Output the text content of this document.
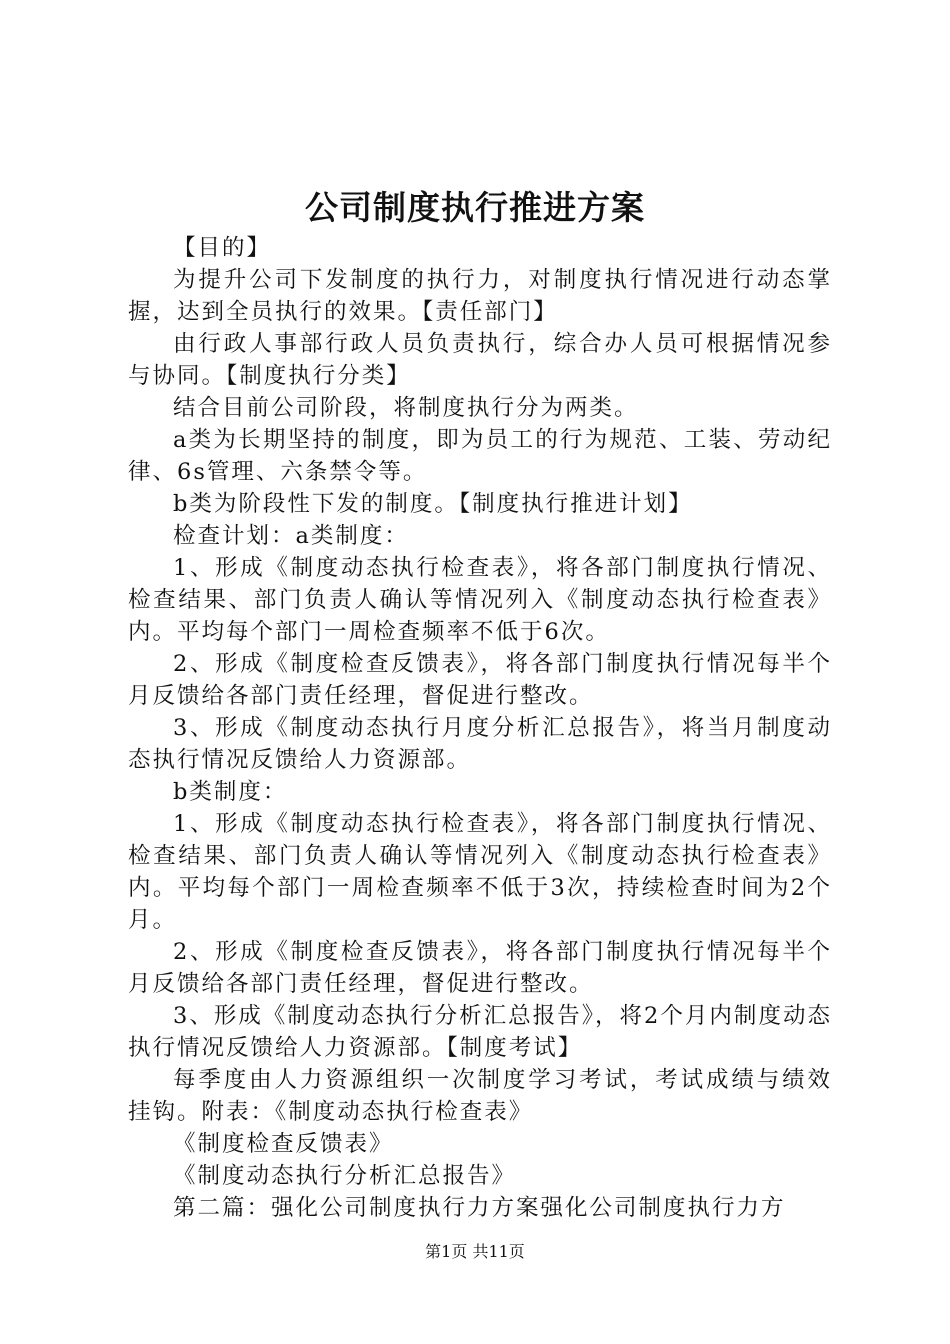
公司制度执行推进方案

【目的】

为提升公司下发制度的执行力，对制度执行情况进行动态掌握，达到全员执行的效果。【责任部门】

由行政人事部行政人员负责执行，综合办人员可根据情况参与协同。【制度执行分类】

结合目前公司阶段，将制度执行分为两类。

a类为长期坚持的制度，即为员工的行为规范、工装、劳动纪律、6s管理、六条禁令等。

b类为阶段性下发的制度。【制度执行推进计划】

检查计划：a类制度：

1、形成《制度动态执行检查表》，将各部门制度执行情况、检查结果、部门负责人确认等情况列入《制度动态执行检查表》内。平均每个部门一周检查频率不低于6次。

2、形成《制度检查反馈表》，将各部门制度执行情况每半个月反馈给各部门责任经理，督促进行整改。

3、形成《制度动态执行月度分析汇总报告》，将当月制度动态执行情况反馈给人力资源部。

b类制度：

1、形成《制度动态执行检查表》，将各部门制度执行情况、检查结果、部门负责人确认等情况列入《制度动态执行检查表》内。平均每个部门一周检查频率不低于3次，持续检查时间为2个月。

2、形成《制度检查反馈表》，将各部门制度执行情况每半个月反馈给各部门责任经理，督促进行整改。

3、形成《制度动态执行分析汇总报告》，将2个月内制度动态执行情况反馈给人力资源部。【制度考试】

每季度由人力资源组织一次制度学习考试，考试成绩与绩效挂钩。附表：《制度动态执行检查表》

《制度检查反馈表》

《制度动态执行分析汇总报告》

第二篇：强化公司制度执行力方案强化公司制度执行力方

第1页 共11页
